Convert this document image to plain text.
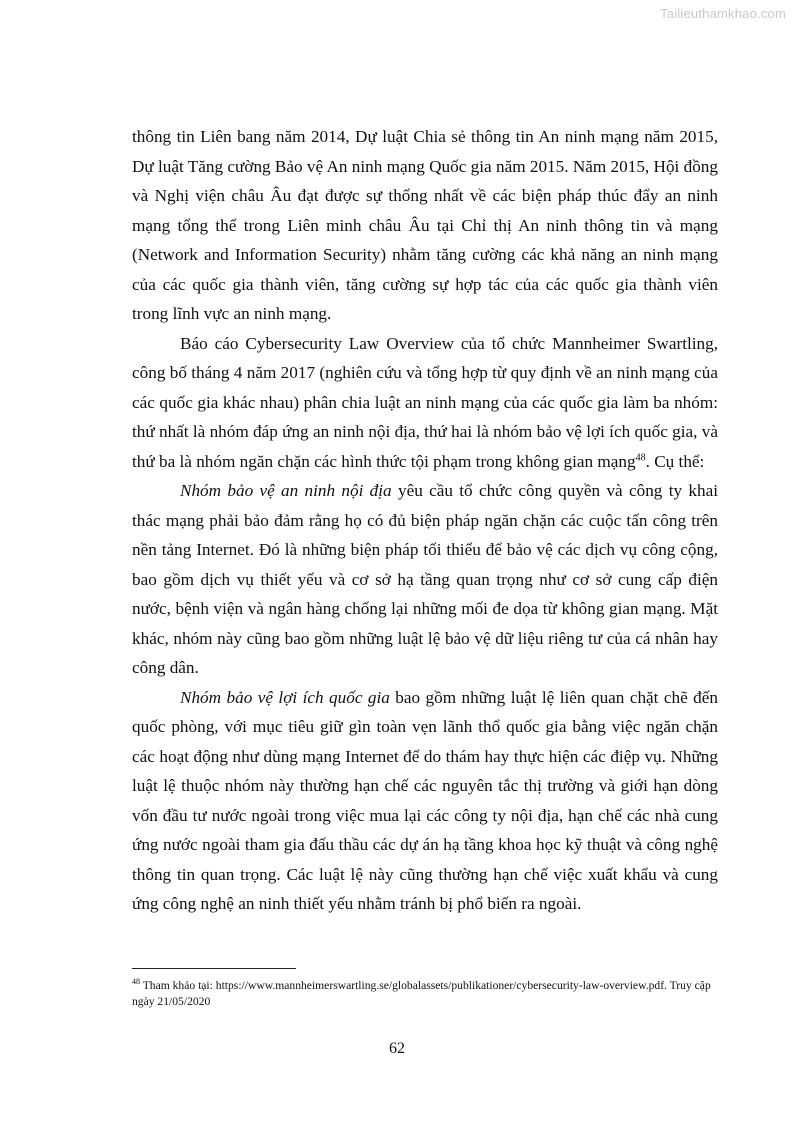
Tailieuthamkhao.com

thông tin Liên bang năm 2014, Dự luật Chia sẻ thông tin An ninh mạng năm 2015, Dự luật Tăng cường Bảo vệ An ninh mạng Quốc gia năm 2015. Năm 2015, Hội đồng và Nghị viện châu Âu đạt được sự thống nhất về các biện pháp thúc đẩy an ninh mạng tổng thể trong Liên minh châu Âu tại Chỉ thị An ninh thông tin và mạng (Network and Information Security) nhằm tăng cường các khả năng an ninh mạng của các quốc gia thành viên, tăng cường sự hợp tác của các quốc gia thành viên trong lĩnh vực an ninh mạng.

Báo cáo Cybersecurity Law Overview của tổ chức Mannheimer Swartling, công bố tháng 4 năm 2017 (nghiên cứu và tổng hợp từ quy định về an ninh mạng của các quốc gia khác nhau) phân chia luật an ninh mạng của các quốc gia làm ba nhóm: thứ nhất là nhóm đáp ứng an ninh nội địa, thứ hai là nhóm bảo vệ lợi ích quốc gia, và thứ ba là nhóm ngăn chặn các hình thức tội phạm trong không gian mạng$^{48}$. Cụ thể:

Nhóm bảo vệ an ninh nội địa yêu cầu tổ chức công quyền và công ty khai thác mạng phải bảo đảm rằng họ có đủ biện pháp ngăn chặn các cuộc tấn công trên nền tảng Internet. Đó là những biện pháp tối thiểu để bảo vệ các dịch vụ công cộng, bao gồm dịch vụ thiết yếu và cơ sở hạ tầng quan trọng như cơ sở cung cấp điện nước, bệnh viện và ngân hàng chống lại những mối đe dọa từ không gian mạng. Mặt khác, nhóm này cũng bao gồm những luật lệ bảo vệ dữ liệu riêng tư của cá nhân hay công dân.

Nhóm bảo vệ lợi ích quốc gia bao gồm những luật lệ liên quan chặt chẽ đến quốc phòng, với mục tiêu giữ gìn toàn vẹn lãnh thổ quốc gia bằng việc ngăn chặn các hoạt động như dùng mạng Internet để do thám hay thực hiện các điệp vụ. Những luật lệ thuộc nhóm này thường hạn chế các nguyên tắc thị trường và giới hạn dòng vốn đầu tư nước ngoài trong việc mua lại các công ty nội địa, hạn chế các nhà cung ứng nước ngoài tham gia đấu thầu các dự án hạ tầng khoa học kỹ thuật và công nghệ thông tin quan trọng. Các luật lệ này cũng thường hạn chế việc xuất khẩu và cung ứng công nghệ an ninh thiết yếu nhằm tránh bị phổ biến ra ngoài.

$^{48}$ Tham khảo tại: https://www.mannheimerswartling.se/globalassets/publikationer/cybersecurity-law-overview.pdf. Truy cập ngày 21/05/2020
62
